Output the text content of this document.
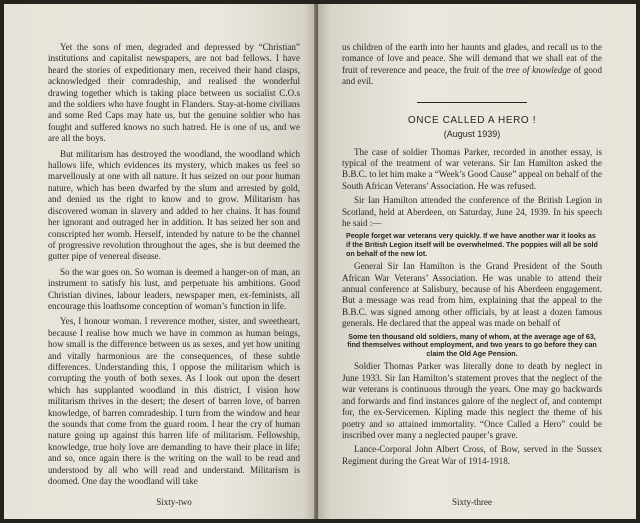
Yet the sons of men, degraded and depressed by “Christian” institutions and capitalist newspapers, are not bad fellows. I have heard the stories of expeditionary men, received their hand clasps, acknowledged their comradeship, and realised the wonderful drawing together which is taking place between us socialist C.O.s and the soldiers who have fought in Flanders. Stay-at-home civilians and some Red Caps may hate us, but the genuine soldier who has fought and suffered knows no such hatred. He is one of us, and we are all the boys.

But militarism has destroyed the woodland, the woodland which hallows life, which evidences its mystery, which makes us feel so marvellously at one with all nature. It has seized on our poor human nature, which has been dwarfed by the slum and arrested by gold, and denied us the right to know and to grow. Militarism has discovered woman in slavery and added to her chains. It has found her ignorant and outraged her in addition. It has seized her son and conscripted her womb. Herself, intended by nature to be the channel of progressive revolution throughout the ages, she is but deemed the gutter pipe of venereal disease.

So the war goes on. So woman is deemed a hanger-on of man, an instrument to satisfy his lust, and perpetuate his ambitions. Good Christian divines, labour leaders, newspaper men, ex-feminists, all encourage this loathsome conception of woman’s function in life.

Yes, I honour woman. I reverence mother, sister, and sweetheart, because I realise how much we have in common as human beings, how small is the difference between us as sexes, and yet how uniting and vitally harmonious are the consequences, of these subtle differences. Understanding this, I oppose the militarism which is corrupting the youth of both sexes. As I look out upon the desert which has supplanted woodland in this district, I vision how militarism thrives in the desert; the desert of barren love, of barren knowledge, of barren comradeship. I turn from the window and hear the sounds that come from the guard room. I hear the cry of human nature going up against this barren life of militarism. Fellowship, knowledge, true holy love are demanding to have their place in life; and so, once again there is the writing on the wall to be read and understood by all who will read and understand. Militarism is doomed. One day the woodland will take

Sixty-two

us children of the earth into her haunts and glades, and recall us to the romance of love and peace. She will demand that we shall eat of the fruit of reverence and peace, the fruit of the tree of knowledge of good and evil.

ONCE CALLED A HERO !
(August 1939)

The case of soldier Thomas Parker, recorded in another essay, is typical of the treatment of war veterans. Sir Ian Hamilton asked the B.B.C. to let him make a “Week’s Good Cause” appeal on behalf of the South African Veterans’ Association. He was refused.

Sir Ian Hamilton attended the conference of the British Legion in Scotland, held at Aberdeen, on Saturday, June 24, 1939. In his speech he said :—

People forget war veterans very quickly. If we have another war it looks as if the British Legion itself will be overwhelmed. The poppies will all be sold on behalf of the new lot.

General Sir Ian Hamilton is the Grand President of the South African War Veterans’ Association. He was unable to attend their annual conference at Salisbury, because of his Aberdeen engagement. But a message was read from him, explaining that the appeal to the B.B.C. was signed among other officials, by at least a dozen famous generals. He declared that the appeal was made on behalf of

Some ten thousand old soldiers, many of whom, at the average age of 63, find themselves without employment, and two years to go before they can claim the Old Age Pension.

Soldier Thomas Parker was literally done to death by neglect in June 1933. Sir Ian Hamilton’s statement proves that the neglect of the war veterans is continuous through the years. One may go backwards and forwards and find instances galore of the neglect of, and contempt for, the ex-Servicemen. Kipling made this neglect the theme of his poetry and so attained immortality. “Once Called a Hero” could be inscribed over many a neglected pauper’s grave.

Lance-Corporal John Albert Cross, of Bow, served in the Sussex Regiment during the Great War of 1914-1918.

Sixty-three
